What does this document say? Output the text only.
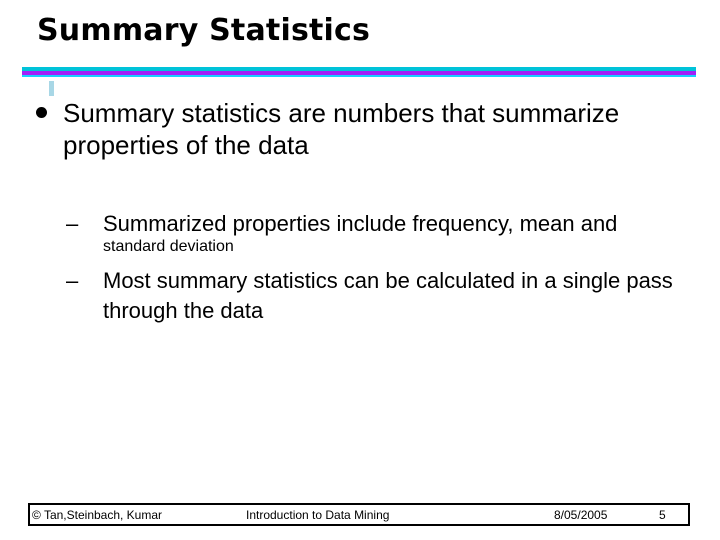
Summary Statistics
Summary statistics are numbers that summarize properties of the data
– Summarized properties include frequency, mean and
standard deviation
– Most summary statistics can be calculated in a single pass through the data
© Tan,Steinbach, Kumar	Introduction to Data Mining	8/05/2005	5
